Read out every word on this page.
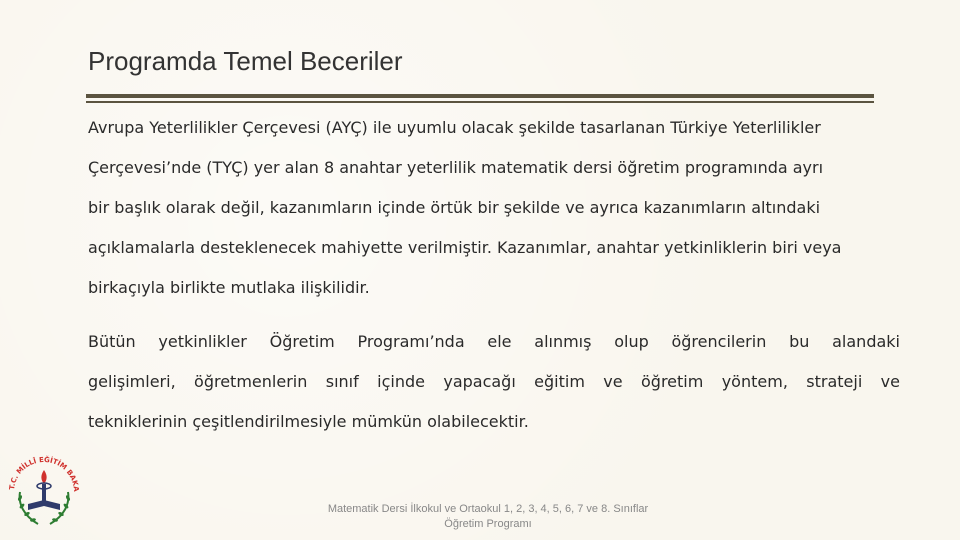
Programda Temel Beceriler

Avrupa Yeterlilikler Çerçevesi (AYÇ) ile uyumlu olacak şekilde tasarlanan Türkiye Yeterlilikler
Çerçevesi’nde (TYÇ) yer alan 8 anahtar yeterlilik matematik dersi öğretim programında ayrı
bir başlık olarak değil, kazanımların içinde örtük bir şekilde ve ayrıca kazanımların altındaki
açıklamalarla desteklenecek mahiyette verilmiştir. Kazanımlar, anahtar yetkinliklerin biri veya
birkaçıyla birlikte mutlaka ilişkilidir.

Bütün yetkinlikler Öğretim Programı’nda ele alınmış olup öğrencilerin bu alandaki
gelişimleri, öğretmenlerin sınıf içinde yapacağı eğitim ve öğretim yöntem, strateji ve
tekniklerinin çeşitlendirilmesiyle mümkün olabilecektir.

T.C. MİLLÎ EĞİTİM BAKA
Matematik Dersi İlkokul ve Ortaokul 1, 2, 3, 4, 5, 6, 7 ve 8. Sınıflar
Öğretim Programı
